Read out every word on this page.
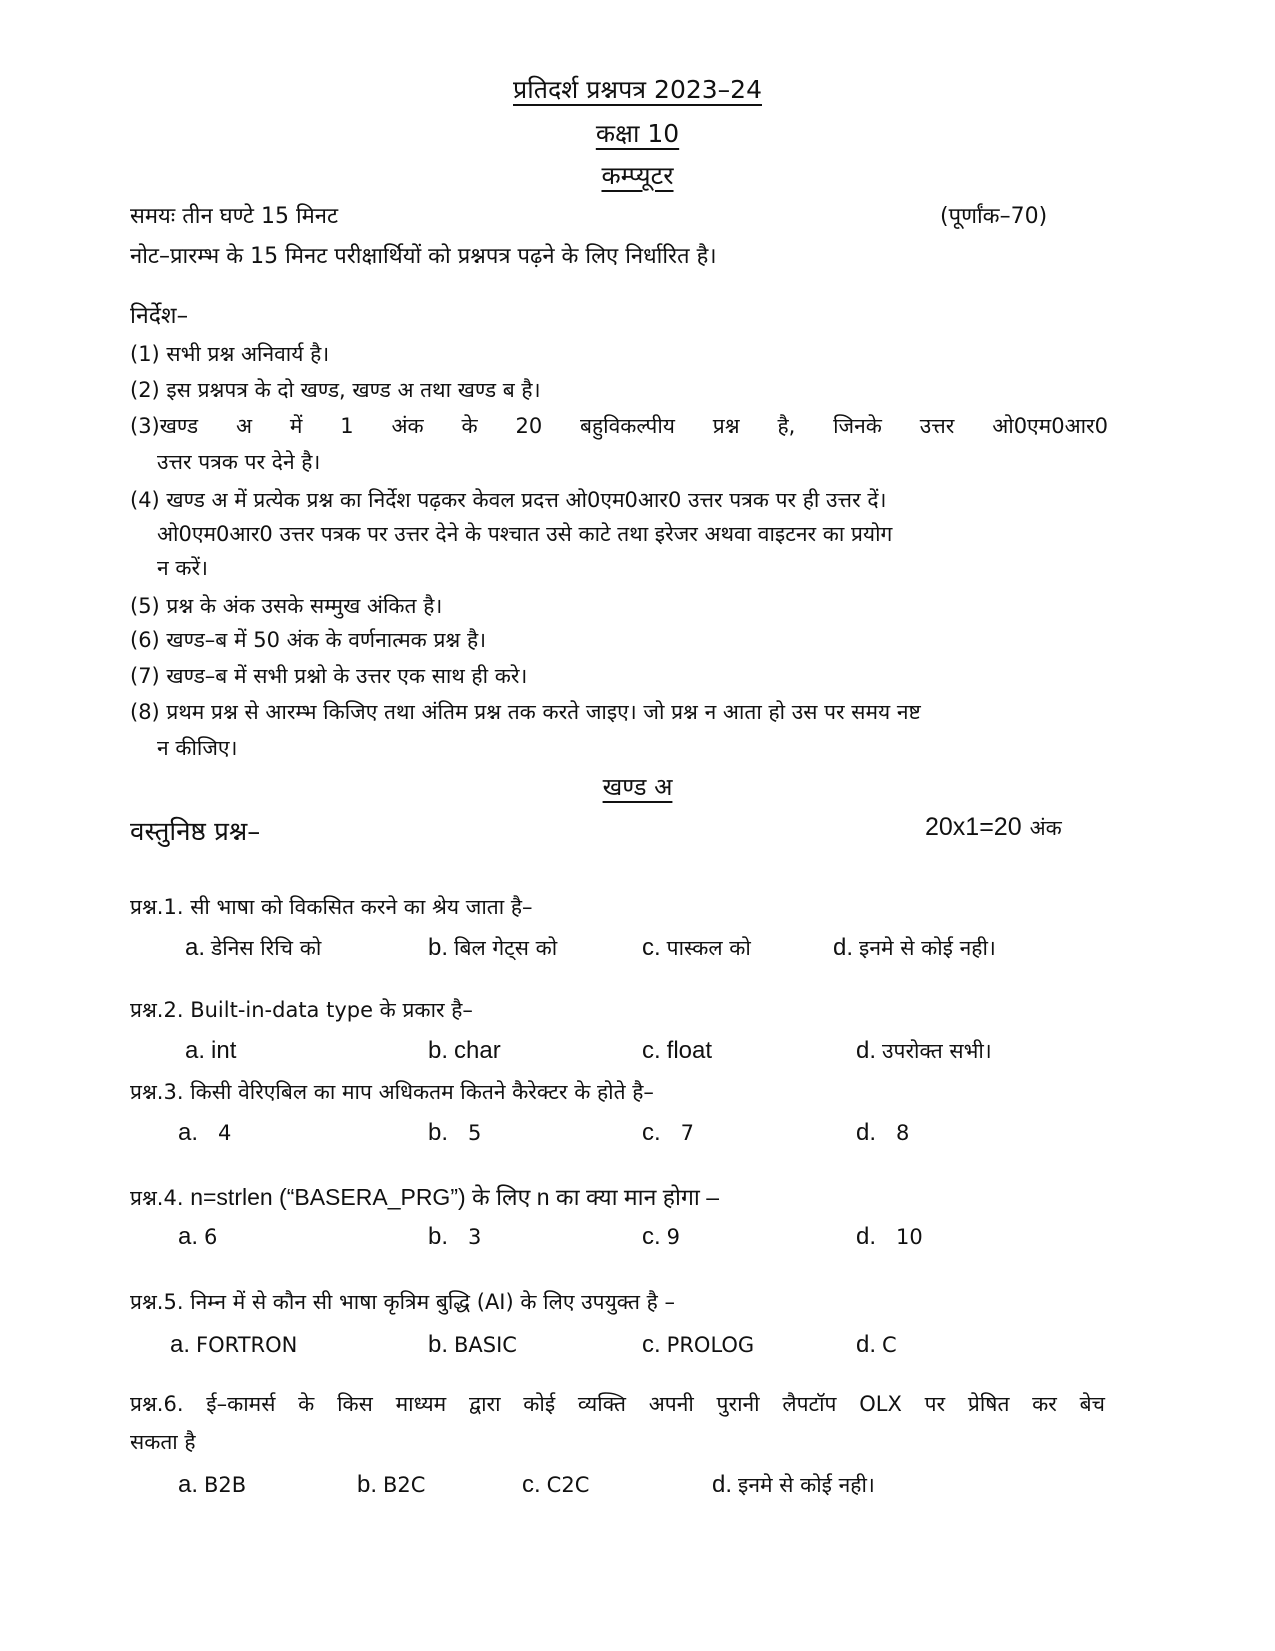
प्रतिदर्श प्रश्नपत्र 2023–24
कक्षा 10
कम्प्यूटर
समयः तीन घण्टे 15 मिनट	(पूर्णांक–70)
नोट–प्रारम्भ के 15 मिनट परीक्षार्थियों को प्रश्नपत्र पढ़ने के लिए निर्धारित है।
निर्देश–
(1) सभी प्रश्न अनिवार्य है।
(2) इस प्रश्नपत्र के दो खण्ड, खण्ड अ तथा खण्ड ब है।
(3)खण्ड अ में 1 अंक के 20 बहुविकल्पीय प्रश्न है, जिनके उत्तर ओ0एम0आर0
उत्तर पत्रक पर देने है।
(4) खण्ड अ में प्रत्येक प्रश्न का निर्देश पढ़कर केवल प्रदत्त ओ0एम0आर0 उत्तर पत्रक पर ही उत्तर दें।
ओ0एम0आर0 उत्तर पत्रक पर उत्तर देने के पश्चात उसे काटे तथा इरेजर अथवा वाइटनर का प्रयोग
न करें।
(5) प्रश्न के अंक उसके सम्मुख अंकित है।
(6) खण्ड–ब में 50 अंक के वर्णनात्मक प्रश्न है।
(7) खण्ड–ब में सभी प्रश्नो के उत्तर एक साथ ही करे।
(8) प्रथम प्रश्न से आरम्भ किजिए तथा अंतिम प्रश्न तक करते जाइए। जो प्रश्न न आता हो उस पर समय नष्ट
न कीजिए।
खण्ड अ
वस्तुनिष्ठ प्रश्न–	20x1=20 अंक
प्रश्न.1. सी भाषा को विकसित करने का श्रेय जाता है–
a. डेनिस रिचि को	b. बिल गेट्स को	c. पास्कल को	d. इनमे से कोई नही।
प्रश्न.2. Built-in-data type के प्रकार है–
a. int	b. char	c. float	d. उपरोक्त सभी।
प्रश्न.3. किसी वेरिएबिल का माप अधिकतम कितने कैरेक्टर के होते है–
a. 4	b. 5	c. 7	d. 8
प्रश्न.4. n=strlen (“BASERA_PRG”) के लिए n का क्या मान होगा –
a. 6	b. 3	c. 9	d. 10
प्रश्न.5. निम्न में से कौन सी भाषा कृत्रिम बुद्धि (AI) के लिए उपयुक्त है –
a. FORTRON	b. BASIC	c. PROLOG	d. C
प्रश्न.6. ई–कामर्स के किस माध्यम द्वारा कोई व्यक्ति अपनी पुरानी लैपटॉप OLX पर प्रेषित कर बेच
सकता है
a. B2B	b. B2C	c. C2C	d. इनमे से कोई नही।
